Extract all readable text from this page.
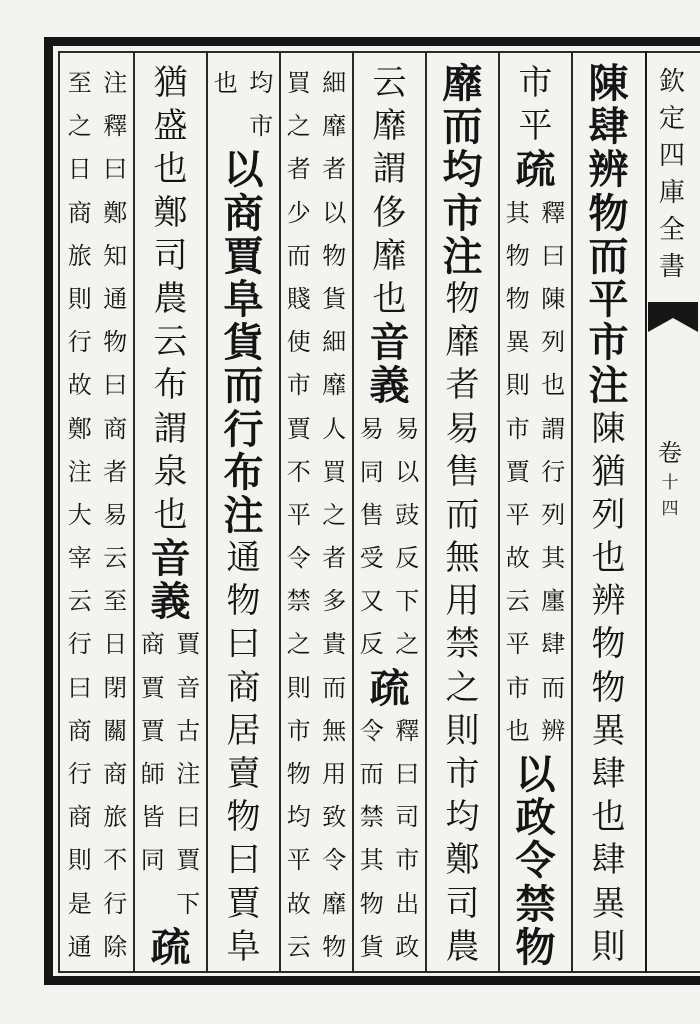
欽
定
四
庫
全
書
卷
十
四
陳
肆
辨
物
而
平
市
注
陳
猶
列
也
辨
物
物
異
肆
也
肆
異
則
市
平
疏
釋
曰
陳
列
也
謂
行
列
其
廛
肆
而
辨
其
物
物
異
則
市
賈
平
故
云
平
市
也
以
政
令
禁
物
靡
而
均
市
注
物
靡
者
易
售
而
無
用
禁
之
則
市
均
鄭
司
農
云
靡
謂
侈
靡
也
音
義
易
以
豉
反
下
之
易
同
售
受
又
反
疏
釋
曰
司
市
出
政
令
而
禁
其
物
貨
細
靡
者
以
物
貨
細
靡
人
買
之
者
多
貴
而
無
用
致
令
靡
物
買
之
者
少
而
賤
使
市
賈
不
平
令
禁
之
則
市
物
均
平
故
云
均
市
也
以
商
賈
阜
貨
而
行
布
注
通
物
曰
商
居
賣
物
曰
賈
阜
猶
盛
也
鄭
司
農
云
布
謂
泉
也
音
義
賈
音
古
注
曰
賈
下
商
賈
賈
師
皆
同
疏
注
釋
曰
鄭
知
通
物
曰
商
者
易
云
至
日
閉
關
商
旅
不
行
除
至
之
日
商
旅
則
行
故
鄭
注
大
宰
云
行
曰
商
行
商
則
是
通
